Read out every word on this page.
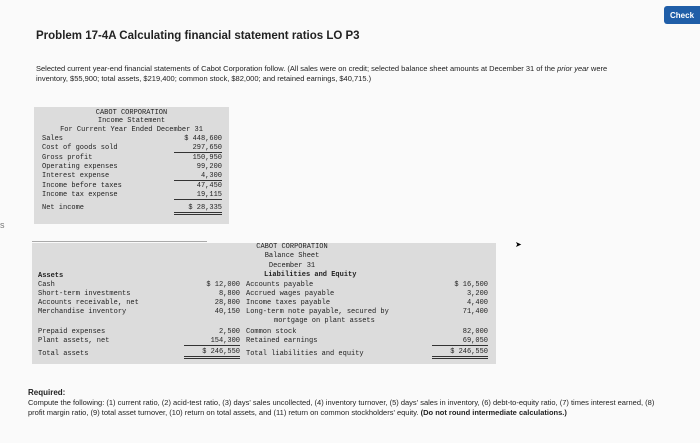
s
Check
Problem 17-4A Calculating financial statement ratios LO P3

Selected current year-end financial statements of Cabot Corporation follow. (All sales were on credit; selected balance sheet amounts at December 31 of the prior year were inventory, $55,900; total assets, $219,400; common stock, $82,000; and retained earnings, $40,715.)

CABOT CORPORATION
Income Statement
For Current Year Ended December 31
Sales	$ 448,600
Cost of goods sold	297,650
Gross profit	150,950
Operating expenses	99,200
Interest expense	4,300
Income before taxes	47,450
Income tax expense	19,115
Net income	$ 28,335
CABOT CORPORATION
Balance Sheet
December 31
Assets	Liabilities and Equity
Cash	$ 12,000
Short-term investments	8,800
Accounts receivable, net	28,800
Merchandise inventory	40,150
Prepaid expenses	2,500
Plant assets, net	154,300
Total assets	$ 246,550
Accounts payable	$ 16,500
Accrued wages payable	3,200
Income taxes payable	4,400
Long-term note payable, secured by	71,400
mortgage on plant assets
Common stock	82,000
Retained earnings	69,050
Total liabilities and equity	$ 246,550
➤
Required:
Compute the following: (1) current ratio, (2) acid-test ratio, (3) days' sales uncollected, (4) inventory turnover, (5) days' sales in inventory, (6) debt-to-equity ratio, (7) times interest earned, (8) profit margin ratio, (9) total asset turnover, (10) return on total assets, and (11) return on common stockholders' equity. (Do not round intermediate calculations.)
